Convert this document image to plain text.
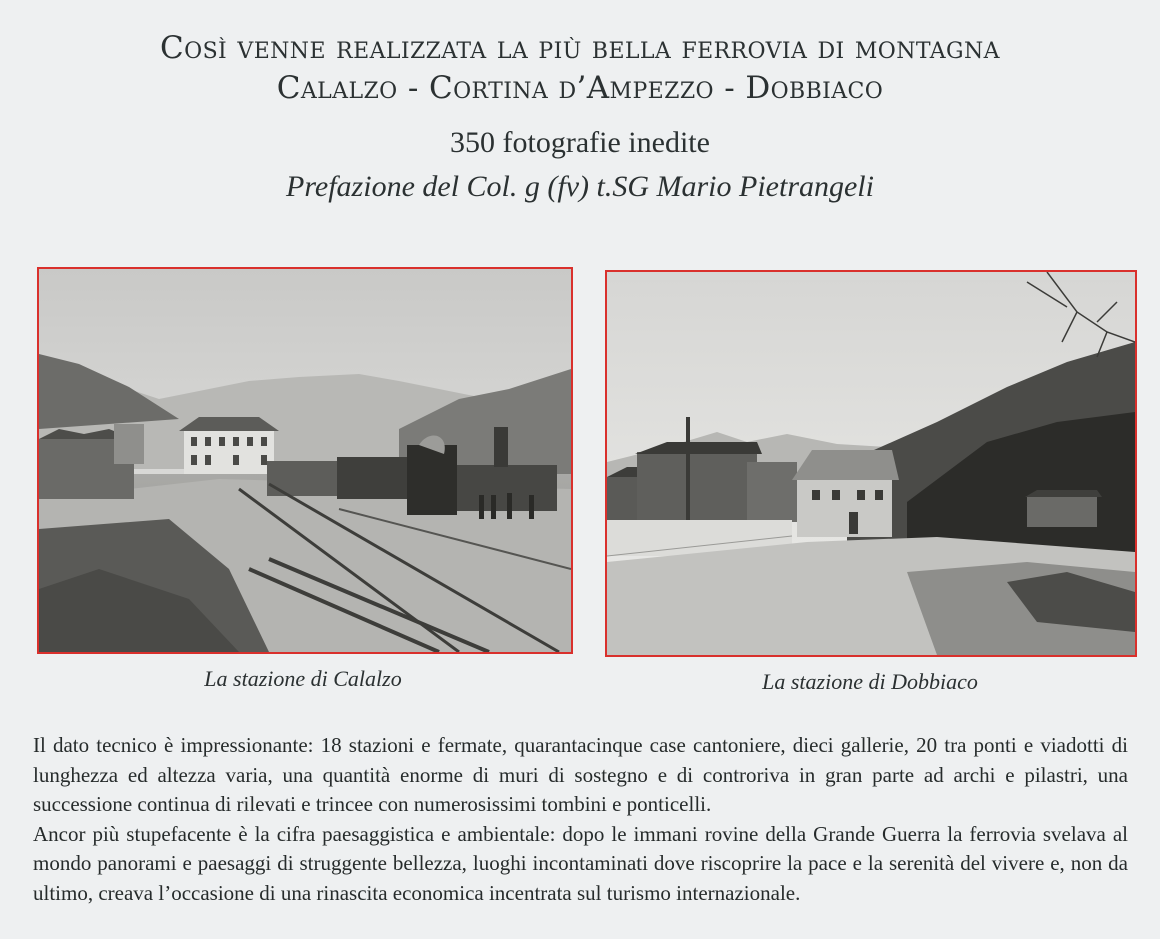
Così venne realizzata la più bella ferrovia di montagna
Calalzo - Cortina d’Ampezzo - Dobbiaco
350 fotografie inedite
Prefazione del Col. g (fv) t.SG Mario Pietrangeli
La stazione di Calalzo	La stazione di Dobbiaco

Il dato tecnico è impressionante: 18 stazioni e fermate, quarantacinque case cantoniere, dieci gallerie, 20 tra ponti e viadotti di lunghezza ed altezza varia, una quantità enorme di muri di sostegno e di controriva in gran parte ad archi e pilastri, una successione continua di rilevati e trincee con numerosissimi tombini e ponticelli.

Ancor più stupefacente è la cifra paesaggistica e ambientale: dopo le immani rovine della Grande Guerra la ferrovia svelava al mondo panorami e paesaggi di struggente bellezza, luoghi incontaminati dove riscoprire la pace e la serenità del vivere e, non da ultimo, creava l’occasione di una rinascita economica incentrata sul turismo internazionale.
